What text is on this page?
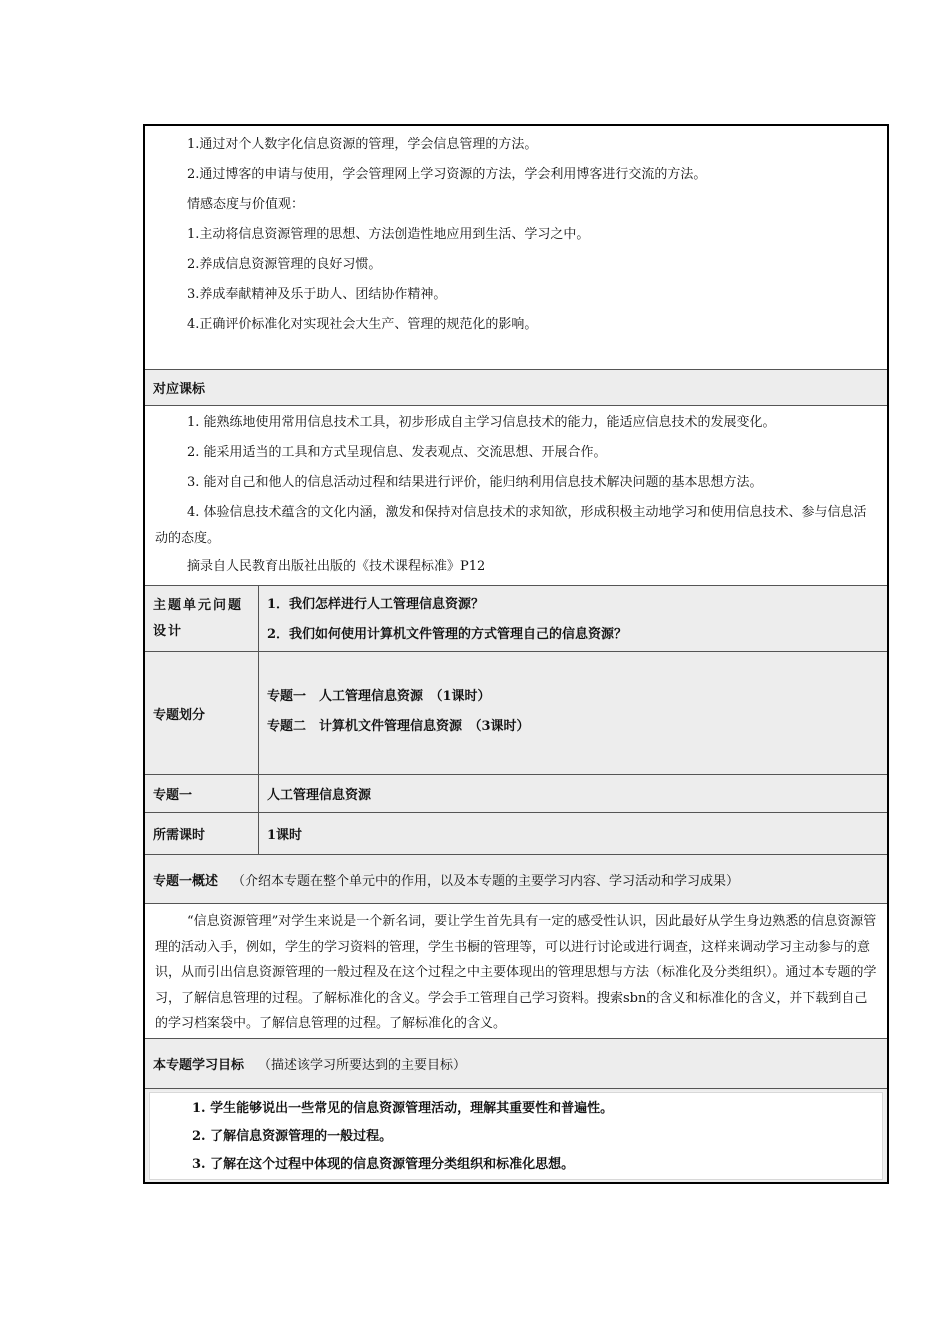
1.通过对个人数字化信息资源的管理，学会信息管理的方法。

2.通过博客的申请与使用，学会管理网上学习资源的方法，学会利用博客进行交流的方法。

情感态度与价值观：

1.主动将信息资源管理的思想、方法创造性地应用到生活、学习之中。

2.养成信息资源管理的良好习惯。

3.养成奉献精神及乐于助人、团结协作精神。

4.正确评价标准化对实现社会大生产、管理的规范化的影响。

对应课标

1. 能熟练地使用常用信息技术工具，初步形成自主学习信息技术的能力，能适应信息技术的发展变化。

2. 能采用适当的工具和方式呈现信息、发表观点、交流思想、开展合作。

3. 能对自己和他人的信息活动过程和结果进行评价，能归纳利用信息技术解决问题的基本思想方法。

4. 体验信息技术蕴含的文化内涵，激发和保持对信息技术的求知欲，形成积极主动地学习和使用信息技术、参与信息活动的态度。

摘录自人民教育出版社出版的《技术课程标准》P12

主题单元问题设计

1．我们怎样进行人工管理信息资源？

2．我们如何使用计算机文件管理的方式管理自己的信息资源？

专题划分

专题一　人工管理信息资源　（1课时）

专题二　计算机文件管理信息资源　（3课时）

专题一	人工管理信息资源
所需课时	1课时
专题一概述 （介绍本专题在整个单元中的作用，以及本专题的主要学习内容、学习活动和学习成果）

“信息资源管理”对学生来说是一个新名词，要让学生首先具有一定的感受性认识，因此最好从学生身边熟悉的信息资源管理的活动入手，例如，学生的学习资料的管理，学生书橱的管理等，可以进行讨论或进行调查，这样来调动学习主动参与的意识，从而引出信息资源管理的一般过程及在这个过程之中主要体现出的管理思想与方法（标准化及分类组织）。通过本专题的学习，了解信息管理的过程。了解标准化的含义。学会手工管理自己学习资料。搜索sbn的含义和标准化的含义，并下载到自己的学习档案袋中。了解信息管理的过程。了解标准化的含义。

本专题学习目标 （描述该学习所要达到的主要目标）

1. 学生能够说出一些常见的信息资源管理活动，理解其重要性和普遍性。

2. 了解信息资源管理的一般过程。

3. 了解在这个过程中体现的信息资源管理分类组织和标准化思想。
